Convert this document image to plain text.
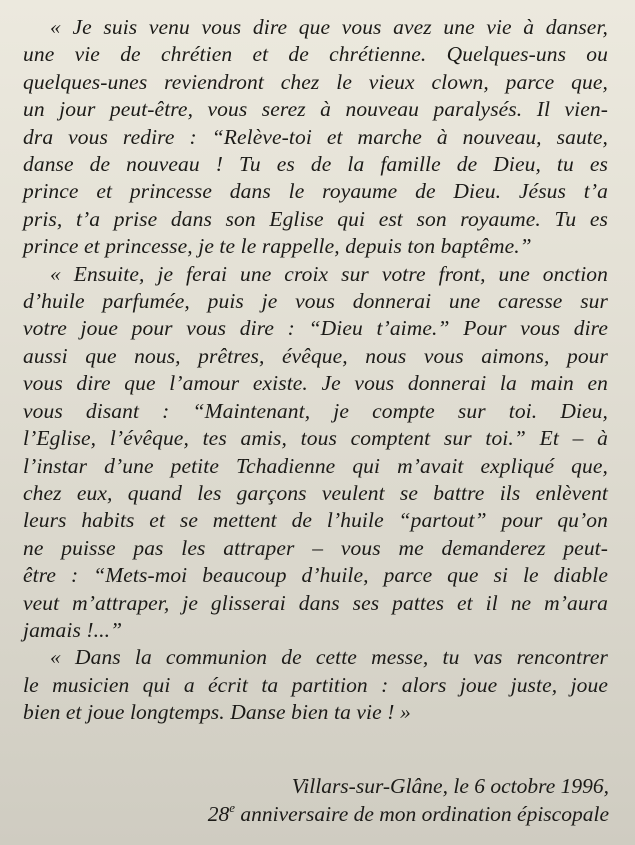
« Je suis venu vous dire que vous avez une vie à danser,
une vie de chrétien et de chrétienne. Quelques-uns ou
quelques-unes reviendront chez le vieux clown, parce que,
un jour peut-être, vous serez à nouveau paralysés. Il vien-
dra vous redire : “Relève-toi et marche à nouveau, saute,
danse de nouveau ! Tu es de la famille de Dieu, tu es
prince et princesse dans le royaume de Dieu. Jésus t’a
pris, t’a prise dans son Eglise qui est son royaume. Tu es
prince et princesse, je te le rappelle, depuis ton baptême.”
« Ensuite, je ferai une croix sur votre front, une onction
d’huile parfumée, puis je vous donnerai une caresse sur
votre joue pour vous dire : “Dieu t’aime.” Pour vous dire
aussi que nous, prêtres, évêque, nous vous aimons, pour
vous dire que l’amour existe. Je vous donnerai la main en
vous disant : “Maintenant, je compte sur toi. Dieu,
l’Eglise, l’évêque, tes amis, tous comptent sur toi.” Et – à
l’instar d’une petite Tchadienne qui m’avait expliqué que,
chez eux, quand les garçons veulent se battre ils enlèvent
leurs habits et se mettent de l’huile “partout” pour qu’on
ne puisse pas les attraper – vous me demanderez peut-
être : “Mets-moi beaucoup d’huile, parce que si le diable
veut m’attraper, je glisserai dans ses pattes et il ne m’aura
jamais !...”
« Dans la communion de cette messe, tu vas rencontrer
le musicien qui a écrit ta partition : alors joue juste, joue
bien et joue longtemps. Danse bien ta vie ! »
Villars-sur-Glâne, le 6 octobre 1996,
28e anniversaire de mon ordination épiscopale
